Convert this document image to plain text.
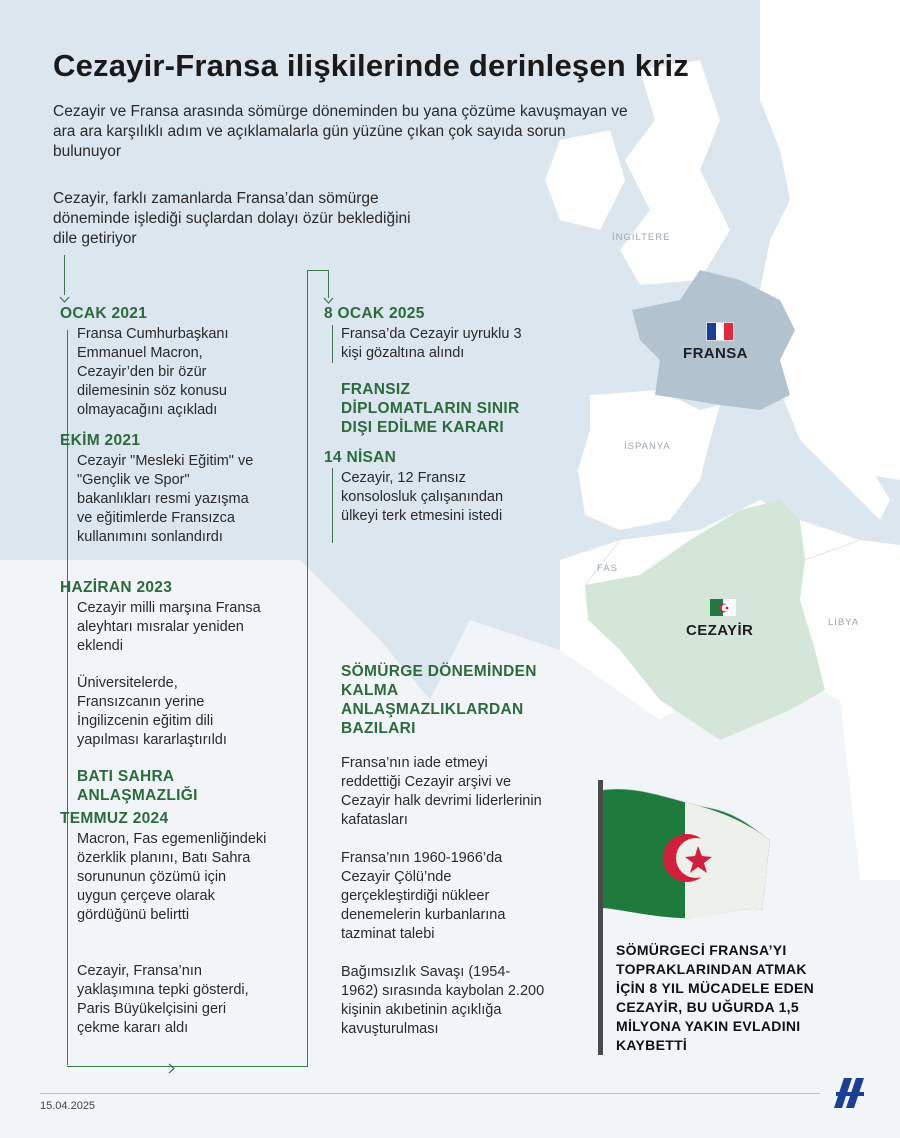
Cezayir-Fransa ilişkilerinde derinleşen kriz
Cezayir ve Fransa arasında sömürge döneminden bu yana çözüme kavuşmayan ve ara ara karşılıklı adım ve açıklamalarla gün yüzüne çıkan çok sayıda sorun bulunuyor
Cezayir, farklı zamanlarda Fransa’dan sömürge döneminde işlediği suçlardan dolayı özür beklediğini dile getiriyor
OCAK 2021
Fransa Cumhurbaşkanı Emmanuel Macron, Cezayir’den bir özür dilemesinin söz konusu olmayacağını açıkladı
EKİM 2021
Cezayir "Mesleki Eğitim" ve "Gençlik ve Spor" bakanlıkları resmi yazışma ve eğitimlerde Fransızca kullanımını sonlandırdı
HAZİRAN 2023
Cezayir milli marşına Fransa aleyhtarı mısralar yeniden eklendi
Üniversitelerde, Fransızcanın yerine İngilizcenin eğitim dili yapılması kararlaştırıldı
BATI SAHRA ANLAŞMAZLIĞI
TEMMUZ 2024
Macron, Fas egemenliğindeki özerklik planını, Batı Sahra sorununun çözümü için uygun çerçeve olarak gördüğünü belirtti
Cezayir, Fransa’nın yaklaşımına tepki gösterdi, Paris Büyükelçisini geri çekme kararı aldı
8 OCAK 2025
Fransa’da Cezayir uyruklu 3 kişi gözaltına alındı
FRANSIZ DİPLOMATLARIN SINIR DIŞI EDİLME KARARI
14 NİSAN
Cezayir, 12 Fransız konsolosluk çalışanından ülkeyi terk etmesini istedi
SÖMÜRGE DÖNEMİNDEN KALMA ANLAŞMAZLIKLARDAN BAZILARI
Fransa’nın iade etmeyi reddettiği Cezayir arşivi ve Cezayir halk devrimi liderlerinin kafatasları
Fransa’nın 1960-1966’da Cezayir Çölü’nde gerçekleştirdiği nükleer denemelerin kurbanlarına tazminat talebi
Bağımsızlık Savaşı (1954-1962) sırasında kaybolan 2.200 kişinin akıbetinin açıklığa kavuşturulması
İNGILTERE
İSPANYA
FAS
LİBYA
FRANSA
CEZAYİR
SÖMÜRGECİ FRANSA’YI TOPRAKLARINDAN ATMAK İÇİN 8 YIL MÜCADELE EDEN CEZAYİR, BU UĞURDA 1,5 MİLYONA YAKIN EVLADINI KAYBETTİ
15.04.2025
